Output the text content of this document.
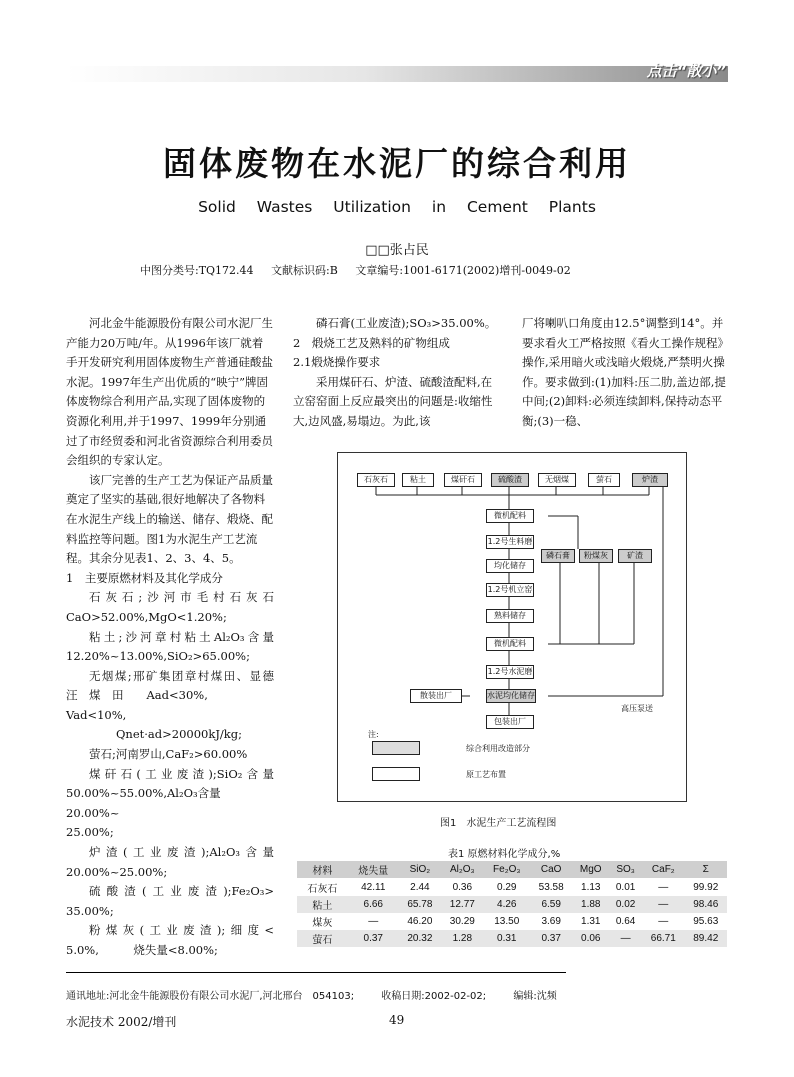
点击“散小”
固体废物在水泥厂的综合利用
Solid Wastes Utilization in Cement Plants
□□张占民
中图分类号:TQ172.44 文献标识码:B 文章编号:1001-6171(2002)增刊-0049-02

河北金牛能源股份有限公司水泥厂生产能力20万吨/年。从1996年该厂就着手开发研究利用固体废物生产普通硅酸盐水泥。1997年生产出优质的“映宁”牌固体废物综合利用产品,实现了固体废物的资源化利用,并于1997、1999年分别通过了市经贸委和河北省资源综合利用委员会组织的专家认定。

该厂完善的生产工艺为保证产品质量奠定了坚实的基础,很好地解决了各物料在水泥生产线上的输送、储存、煅烧、配料监控等问题。图1为水泥生产工艺流程。其余分见表1、2、3、4、5。

1　主要原燃材料及其化学成分

石灰石;沙河市毛村石灰石

CaO>52.00%,MgO<1.20%;

粘土;沙河章村粘土Al₂O₃含量

12.20%~13.00%,SiO₂>65.00%;

无烟煤;邢矿集团章村煤田、显德

汪　煤　田　　Aad<30%,　Vad<10%,

Qnet·ad>20000kJ/kg;

萤石;河南罗山,CaF₂>60.00%

煤矸石(工业废渣);SiO₂含量

50.00%~55.00%,Al₂O₃含量20.00%~

25.00%;

炉渣(工业废渣);Al₂O₃含量

20.00%~25.00%;

硫酸渣(工业废渣);Fe₂O₃>

35.00%;

粉煤灰(工业废渣);细度<

5.0%,　　　烧失量<8.00%;

磷石膏(工业废渣);SO₃>35.00%。

2　煅烧工艺及熟料的矿物组成

2.1煅烧操作要求

采用煤矸石、炉渣、硫酸渣配料,在立窑窑面上反应最突出的问题是:收缩性大,边风盛,易塌边。为此,该

厂将喇叭口角度由12.5°调整到14°。并要求看火工严格按照《看火工操作规程》操作,采用暗火或浅暗火煅烧,严禁明火操作。要求做到:(1)加料:压二肋,盖边部,提中间;(2)卸料:必须连续卸料,保持动态平衡;(3)一稳、

石灰石	粘土	煤矸石	硫酸渣	无烟煤	萤石	炉渣
微机配料
1.2号生料磨
均化储存
1.2号机立窑
熟料储存
微机配料
1.2号水泥磨
水泥均化储存
包装出厂
磷石膏	粉煤灰	矿渣
散装出厂
高压泵送
注:
综合利用改造部分
原工艺布置
图1　水泥生产工艺流程图
表1 原燃材料化学成分,%
材料	烧失量	SiO₂	Al₂O₃	Fe₂O₃	CaO	MgO	SO₃	CaF₂	Σ
石灰石	42.11	2.44	0.36	0.29	53.58	1.13	0.01	—	99.92
粘土	6.66	65.78	12.77	4.26	6.59	1.88	0.02	—	98.46
煤灰	—	46.20	30.29	13.50	3.69	1.31	0.64	—	95.63
萤石	0.37	20.32	1.28	0.31	0.37	0.06	—	66.71	89.42
通讯地址:河北金牛能源股份有限公司水泥厂,河北邢台　054103;	收稿日期:2002-02-02;	编辑:沈频
水泥技术 2002/增刊	49
